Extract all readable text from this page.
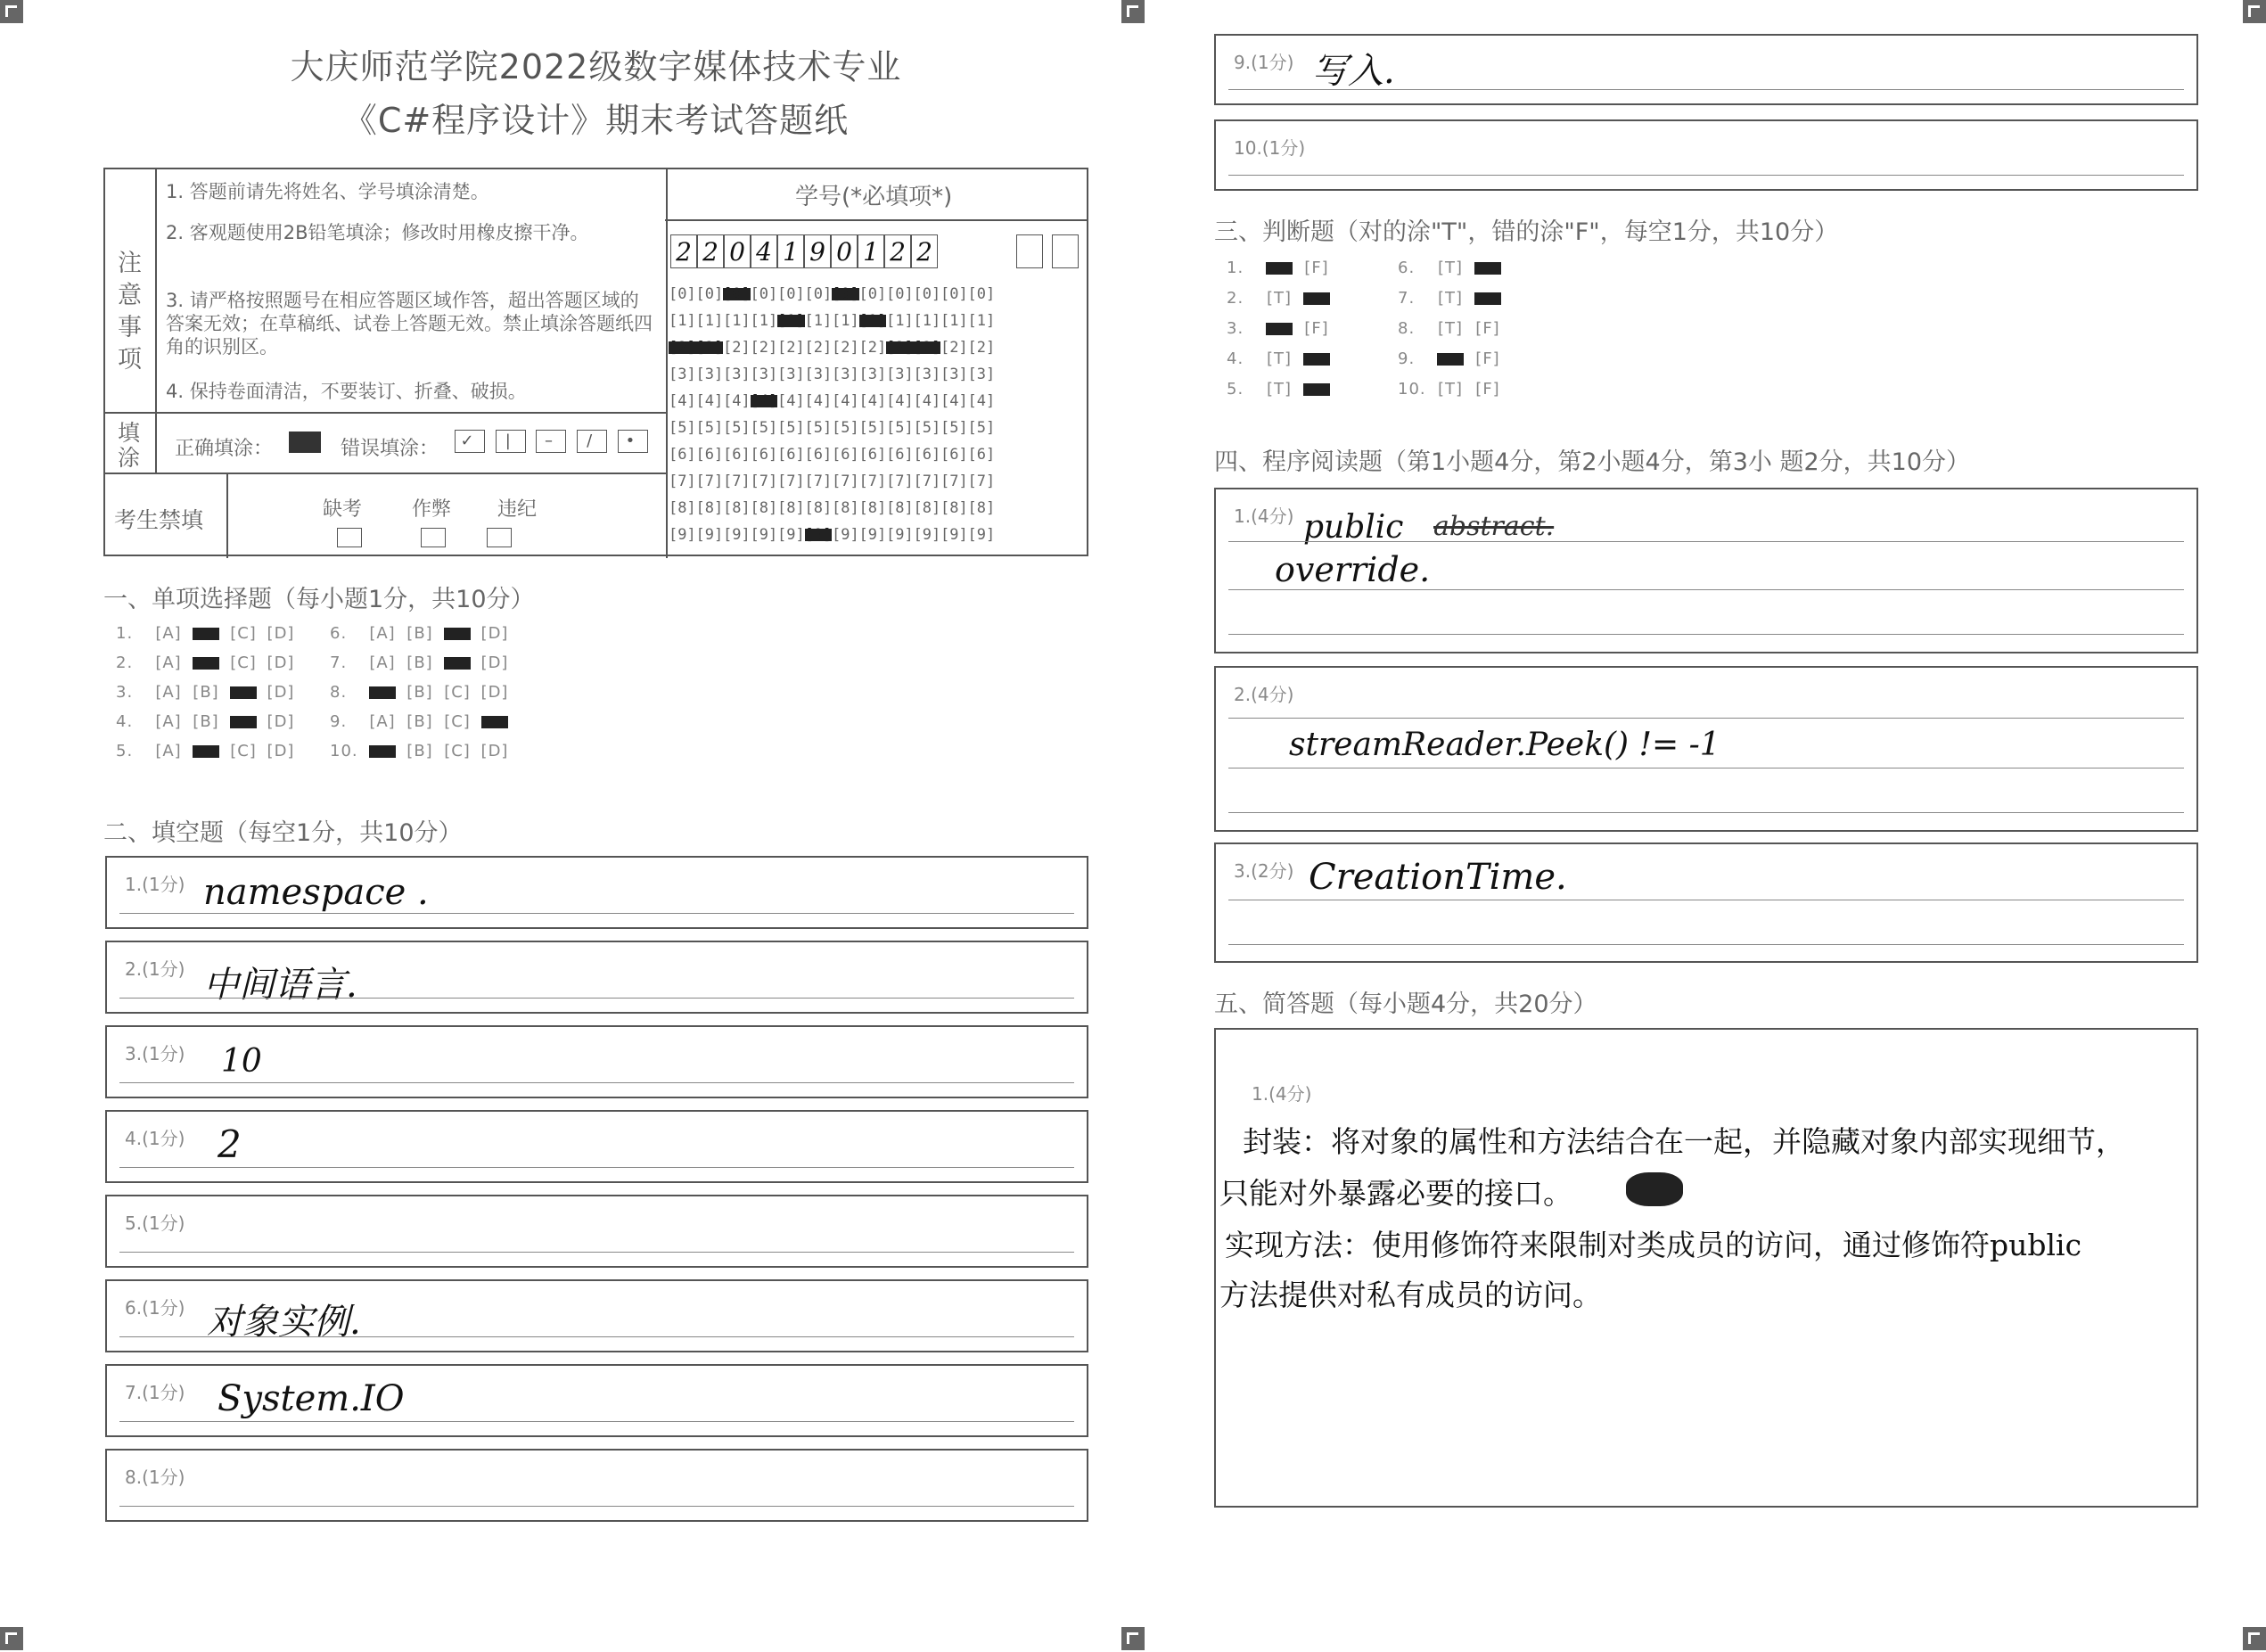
大庆师范学院2022级数字媒体技术专业
《C#程序设计》期末考试答题纸
注意事项
1. 答题前请先将姓名、学号填涂清楚。
2. 客观题使用2B铅笔填涂；修改时用橡皮擦干净。
3. 请严格按照题号在相应答题区域作答，超出答题区域的答案无效；在草稿纸、试卷上答题无效。禁止填涂答题纸四角的识别区。
4. 保持卷面清洁，不要装订、折叠、破损。
填涂 正确填涂：	错误填涂：	✓ | – / •
考生禁填	缺考	作弊 违纪
学号(*必填项*)
2 2 0 4 1 9 0 1 2 2
[0][0][0][0][0][0][0][0][0][0][0][0]
[1][1][1][1][1][1][1][1][1][1][1][1]
[2][2][2][2][2][2][2][2][2][2][2][2]
[3][3][3][3][3][3][3][3][3][3][3][3]
[4][4][4][4][4][4][4][4][4][4][4][4]
[5][5][5][5][5][5][5][5][5][5][5][5]
[6][6][6][6][6][6][6][6][6][6][6][6]
[7][7][7][7][7][7][7][7][7][7][7][7]
[8][8][8][8][8][8][8][8][8][8][8][8]
[9][9][9][9][9][9][9][9][9][9][9][9]
一、单项选择题（每小题1分，共10分）
1. [A]	[C] [D]
2. [A]	[C] [D]
3. [A] [B]	[D]
4. [A] [B]	[D]
5. [A]	[C] [D]
6. [A] [B]	[D]
7. [A] [B]	[D]
8.	[B] [C] [D]
9. [A] [B] [C]
10.	[B] [C] [D]
二、填空题（每空1分，共10分）
1.(1分) namespace .
2.(1分) 中间语言.
3.(1分) 10
4.(1分) 2
5.(1分)
6.(1分) 对象实例.
7.(1分) System.IO
8.(1分)
9.(1分) 写入.
10.(1分)
三、判断题（对的涂"T"，错的涂"F"，每空1分，共10分）
1.	[F]
2. [T]
3.	[F]
4. [T]
5. [T]
6. [T]
7. [T]
8. [T] [F]
9.	[F]
10. [T] [F]
四、程序阅读题（第1小题4分，第2小题4分，第3小 题2分，共10分）
1.(4分) public abstract.
override.
2.(4分)
streamReader.Peek() != -1
3.(2分) CreationTime.
五、简答题（每小题4分，共20分）
1.(4分)
封装：将对象的属性和方法结合在一起，并隐藏对象内部实现细节，
只能对外暴露必要的接口。
实现方法：使用修饰符来限制对类成员的访问，通过修饰符public
方法提供对私有成员的访问。
